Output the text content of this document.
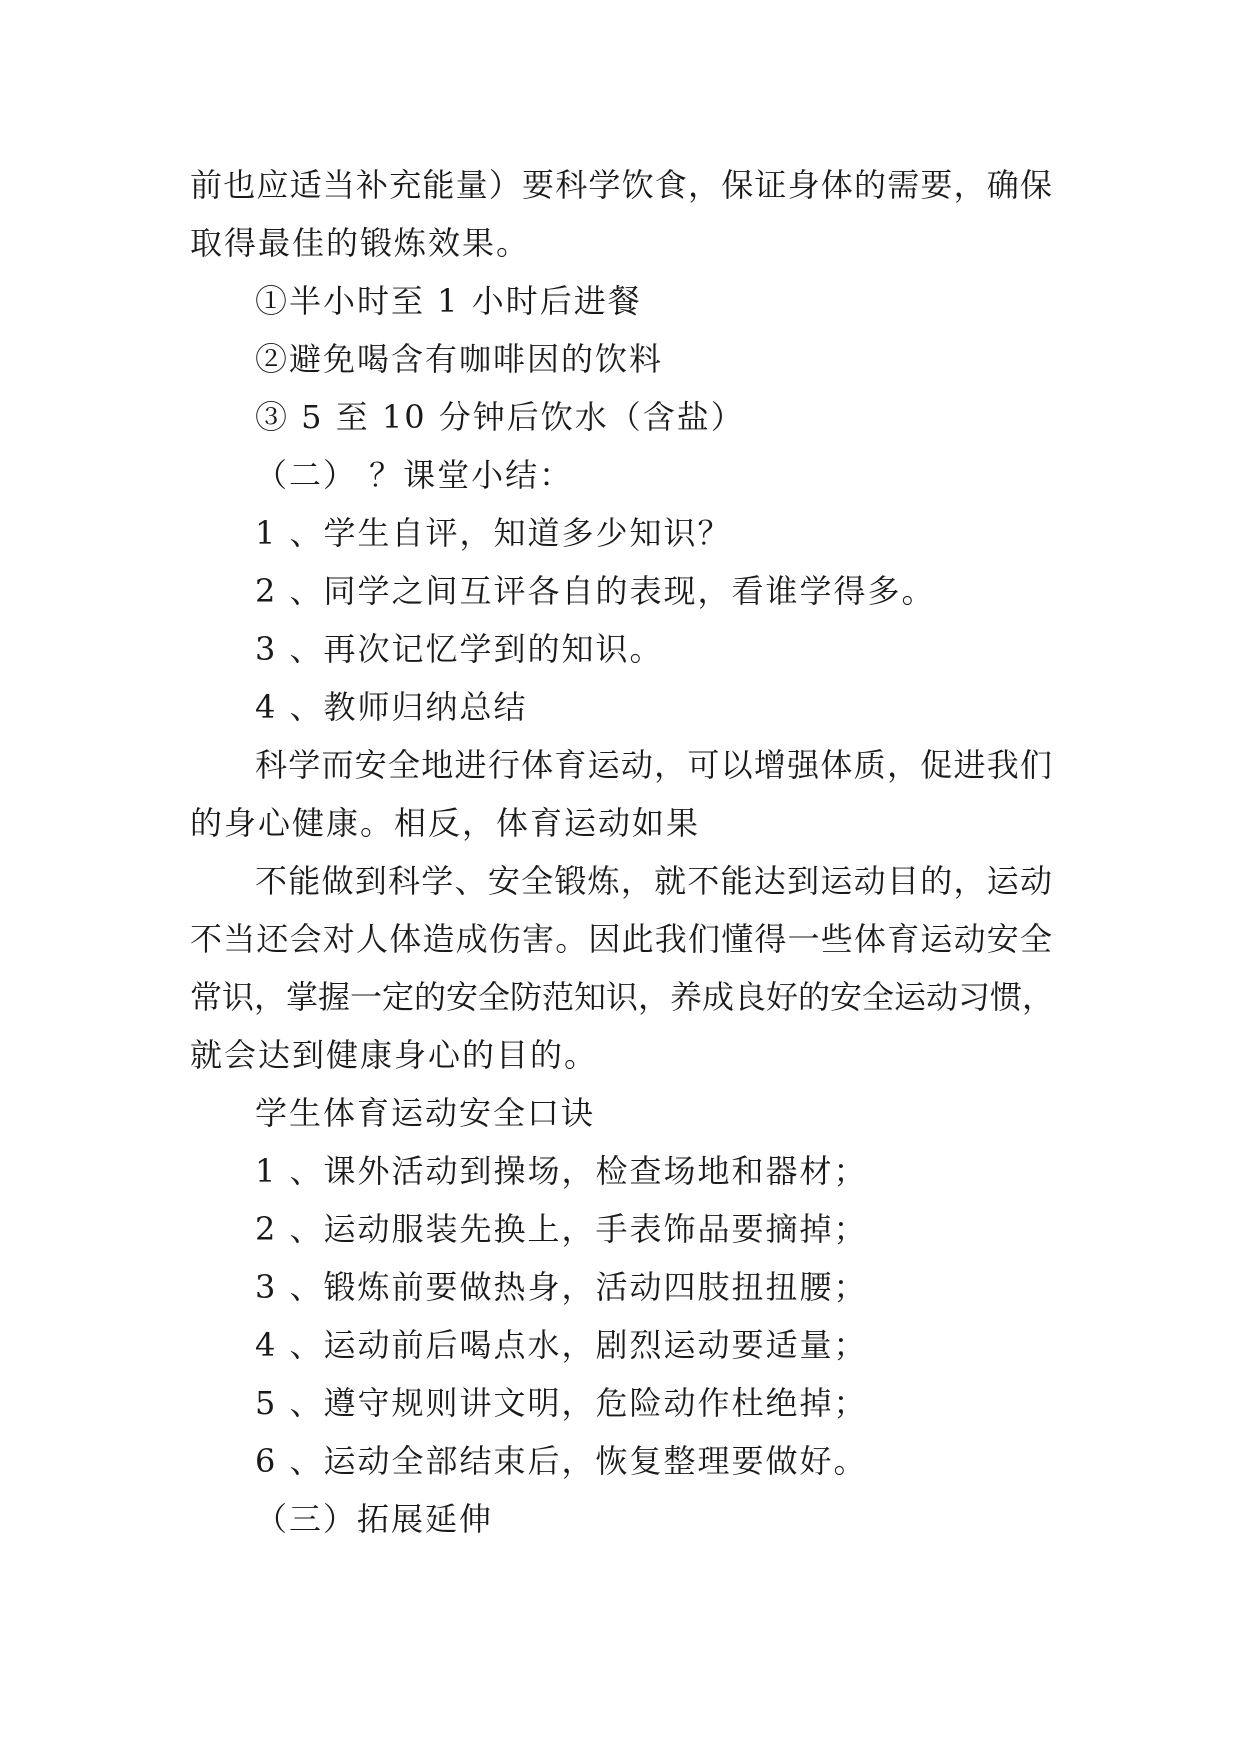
前也应适当补充能量）要科学饮食，保证身体的需要，确保
取得最佳的锻炼效果。
①半小时至 1 小时后进餐
②避免喝含有咖啡因的饮料
③ 5 至 10 分钟后饮水（含盐）
（二） ？课堂小结：
1 、学生自评，知道多少知识？
2 、同学之间互评各自的表现，看谁学得多。
3 、再次记忆学到的知识。
4 、教师归纳总结
科学而安全地进行体育运动，可以增强体质，促进我们
的身心健康。相反，体育运动如果
不能做到科学、安全锻炼，就不能达到运动目的，运动
不当还会对人体造成伤害。因此我们懂得一些体育运动安全
常识，掌握一定的安全防范知识，养成良好的安全运动习惯，
就会达到健康身心的目的。
学生体育运动安全口诀
1 、课外活动到操场，检查场地和器材；
2 、运动服装先换上，手表饰品要摘掉；
3 、锻炼前要做热身，活动四肢扭扭腰；
4 、运动前后喝点水，剧烈运动要适量；
5 、遵守规则讲文明，危险动作杜绝掉；
6 、运动全部结束后，恢复整理要做好。
（三）拓展延伸
